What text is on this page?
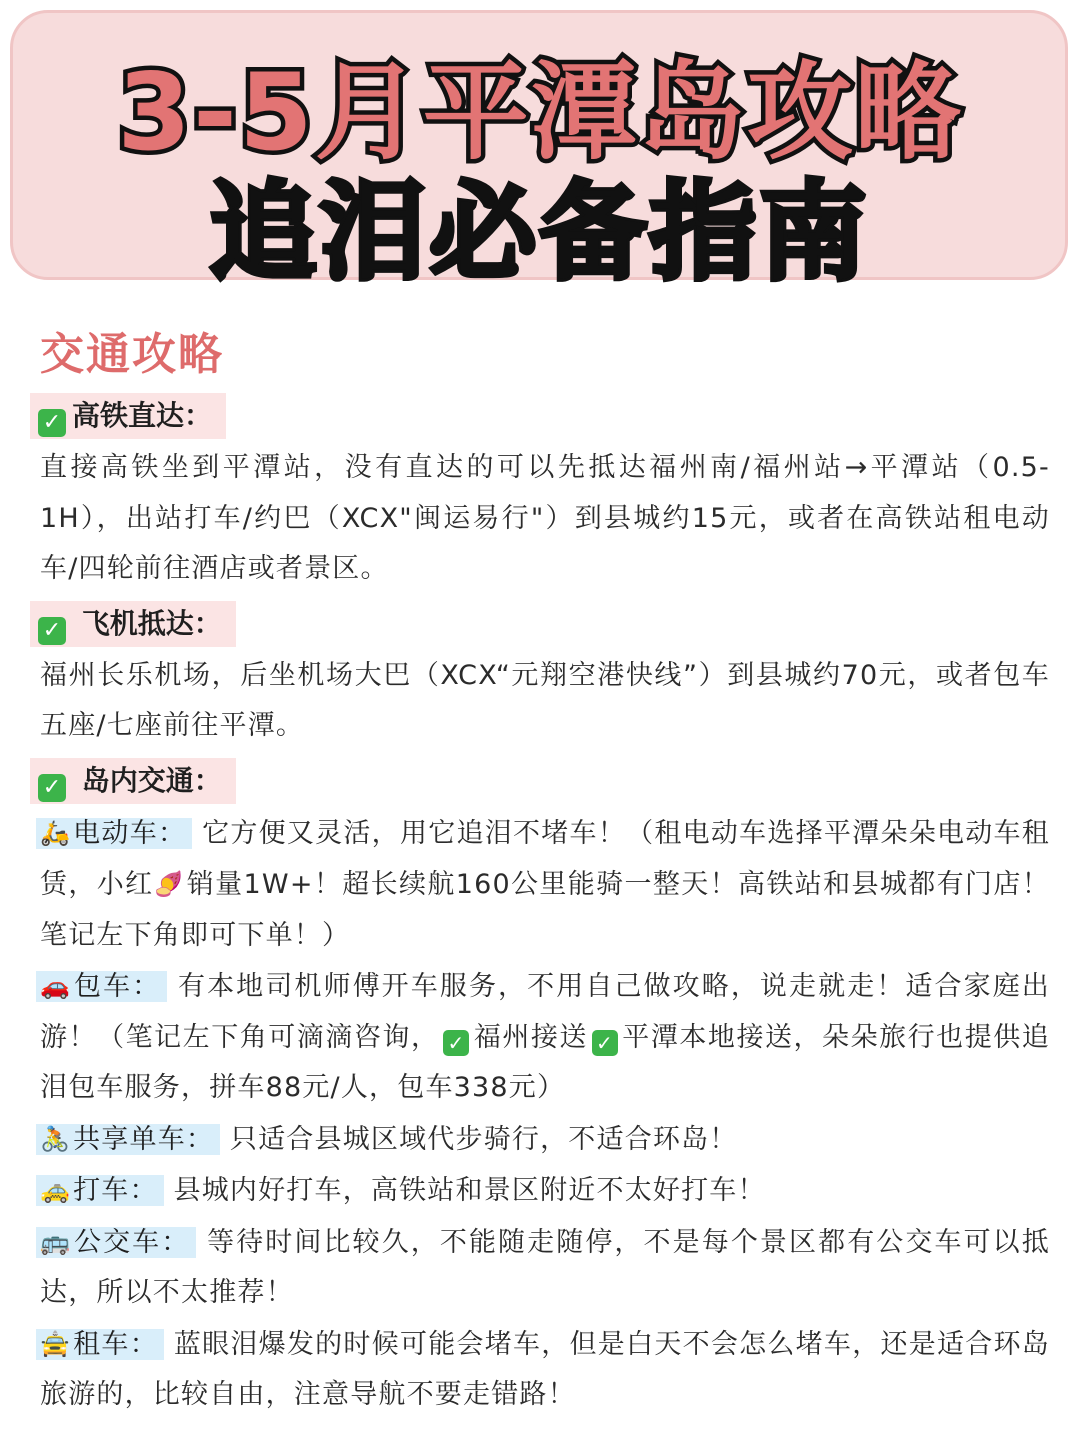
3-5月平潭岛攻略
追泪必备指南
交通攻略
✓ 高铁直达：

直接高铁坐到平潭站，没有直达的可以先抵达福州南/福州站→平潭站（0.5-1H），出站打车/约巴（XCX"闽运易行"）到县城约15元，或者在高铁站租电动车/四轮前往酒店或者景区。

✓ 飞机抵达：

福州长乐机场，后坐机场大巴（XCX“元翔空港快线”）到县城约70元，或者包车五座/七座前往平潭。

✓ 岛内交通：

🛵电动车： 它方便又灵活，用它追泪不堵车！（租电动车选择平潭朵朵电动车租赁，小红🍠销量1W+！超长续航160公里能骑一整天！高铁站和县城都有门店！笔记左下角即可下单！）

🚗包车： 有本地司机师傅开车服务，不用自己做攻略，说走就走！适合家庭出游！（笔记左下角可滴滴咨询， ✓ 福州接送 ✓ 平潭本地接送，朵朵旅行也提供追泪包车服务，拼车88元/人，包车338元）

🚴共享单车： 只适合县城区域代步骑行，不适合环岛！

🚕打车： 县城内好打车，高铁站和景区附近不太好打车！

🚌公交车： 等待时间比较久，不能随走随停，不是每个景区都有公交车可以抵达，所以不太推荐！

🚖租车： 蓝眼泪爆发的时候可能会堵车，但是白天不会怎么堵车，还是适合环岛旅游的，比较自由，注意导航不要走错路！
